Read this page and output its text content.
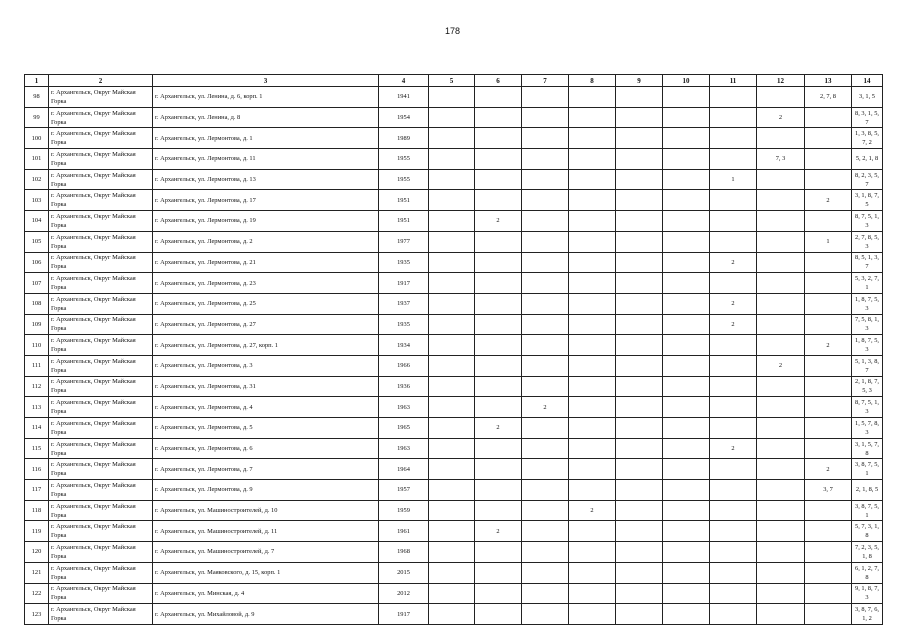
178
1	2	3	4	5	6	7	8	9	10	11	12	13	14
98	г. Архангельск, Округ Майская Горка	г. Архангельск, ул. Ленина, д. 6, корп. 1	1941									2, 7, 8	3, 1, 5
99	г. Архангельск, Округ Майская Горка	г. Архангельск, ул. Ленина, д. 8	1954								2		8, 3, 1, 5, 7
100	г. Архангельск, Округ Майская Горка	г. Архангельск, ул. Лермонтова, д. 1	1989										1, 3, 8, 5, 7, 2
101	г. Архангельск, Округ Майская Горка	г. Архангельск, ул. Лермонтова, д. 11	1955								7, 3		5, 2, 1, 8
102	г. Архангельск, Округ Майская Горка	г. Архангельск, ул. Лермонтова, д. 13	1955							1			8, 2, 3, 5, 7
103	г. Архангельск, Округ Майская Горка	г. Архангельск, ул. Лермонтова, д. 17	1951									2	3, 1, 8, 7, 5
104	г. Архангельск, Округ Майская Горка	г. Архангельск, ул. Лермонтова, д. 19	1951		2								8, 7, 5, 1, 3
105	г. Архангельск, Округ Майская Горка	г. Архангельск, ул. Лермонтова, д. 2	1977									1	2, 7, 8, 5, 3
106	г. Архангельск, Округ Майская Горка	г. Архангельск, ул. Лермонтова, д. 21	1935							2			8, 5, 1, 3, 7
107	г. Архангельск, Округ Майская Горка	г. Архангельск, ул. Лермонтова, д. 23	1917										5, 3, 2, 7, 1
108	г. Архангельск, Округ Майская Горка	г. Архангельск, ул. Лермонтова, д. 25	1937							2			1, 8, 7, 5, 3
109	г. Архангельск, Округ Майская Горка	г. Архангельск, ул. Лермонтова, д. 27	1935							2			7, 5, 8, 1, 3
110	г. Архангельск, Округ Майская Горка	г. Архангельск, ул. Лермонтова, д. 27, корп. 1	1934									2	1, 8, 7, 5, 3
111	г. Архангельск, Округ Майская Горка	г. Архангельск, ул. Лермонтова, д. 3	1966								2		5, 1, 3, 8, 7
112	г. Архангельск, Округ Майская Горка	г. Архангельск, ул. Лермонтова, д. 31	1936										2, 1, 8, 7, 5, 3
113	г. Архангельск, Округ Майская Горка	г. Архангельск, ул. Лермонтова, д. 4	1963			2							8, 7, 5, 1, 3
114	г. Архангельск, Округ Майская Горка	г. Архангельск, ул. Лермонтова, д. 5	1965		2								1, 5, 7, 8, 3
115	г. Архангельск, Округ Майская Горка	г. Архангельск, ул. Лермонтова, д. 6	1963							2			3, 1, 5, 7, 8
116	г. Архангельск, Округ Майская Горка	г. Архангельск, ул. Лермонтова, д. 7	1964									2	3, 8, 7, 5, 1
117	г. Архангельск, Округ Майская Горка	г. Архангельск, ул. Лермонтова, д. 9	1957									3, 7	2, 1, 8, 5
118	г. Архангельск, Округ Майская Горка	г. Архангельск, ул. Машиностроителей, д. 10	1959				2						3, 8, 7, 5, 1
119	г. Архангельск, Округ Майская Горка	г. Архангельск, ул. Машиностроителей, д. 11	1961		2								5, 7, 3, 1, 8
120	г. Архангельск, Округ Майская Горка	г. Архангельск, ул. Машиностроителей, д. 7	1968										7, 2, 3, 5, 1, 8
121	г. Архангельск, Округ Майская Горка	г. Архангельск, ул. Маяковского, д. 15, корп. 1	2015										6, 1, 2, 7, 8
122	г. Архангельск, Округ Майская Горка	г. Архангельск, ул. Минская, д. 4	2012										9, 1, 8, 7, 3
123	г. Архангельск, Округ Майская Горка	г. Архангельск, ул. Михайловой, д. 9	1917										3, 8, 7, 6, 1, 2
